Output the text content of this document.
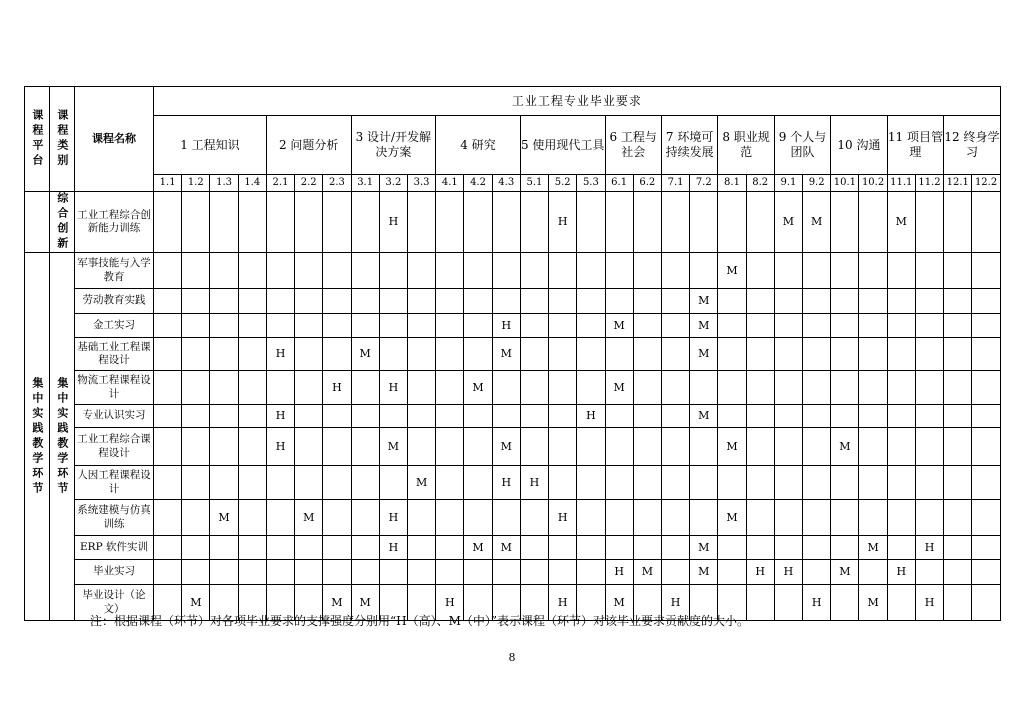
课程平台	课程类别	课程名称	工业工程专业毕业要求																													
			1 工程知识				2 问题分析			3 设计/开发解决方案			4 研究			5 使用现代工具			6 工程与社会		7 环境可持续发展		8 职业规范		9 个人与团队		10 沟通		11 项目管理		12 终身学习	
			1.1	1.2	1.3	1.4	2.1	2.2	2.3	3.1	3.2	3.3	4.1	4.2	4.3	5.1	5.2	5.3	6.1	6.2	7.1	7.2	8.1	8.2	9.1	9.2	10.1	10.2	11.1	11.2	12.1	12.2

	综合创新	工业工程综合创新能力训练									H						H								M	M			M			

集中实践教学环节	集中实践教学环节	军事技能与入学教育																					M									
		劳动教育实践																				M										
		金工实习													H				M			M										
		基础工业工程课程设计					H			M					M							M										
		物流工程课程设计							H		H			M					M													
		专业认识实习					H											H				M										
		工业工程综合课程设计					H				M				M								M				M					
		人因工程课程设计										M			H	H																
		系统建模与仿真训练			M			M			H						H						M									
		ERP 软件实训									H			M	M							M						M		H		
		毕业实习																	H	M		M		H	H		M		H			
		毕业设计（论文）		M					M	M			H				H		M		H					H		M		H		
注：根据课程（环节）对各项毕业要求的支撑强度分别用“H（高）、M（中）”表示课程（环节）对该毕业要求贡献度的大小。
8
